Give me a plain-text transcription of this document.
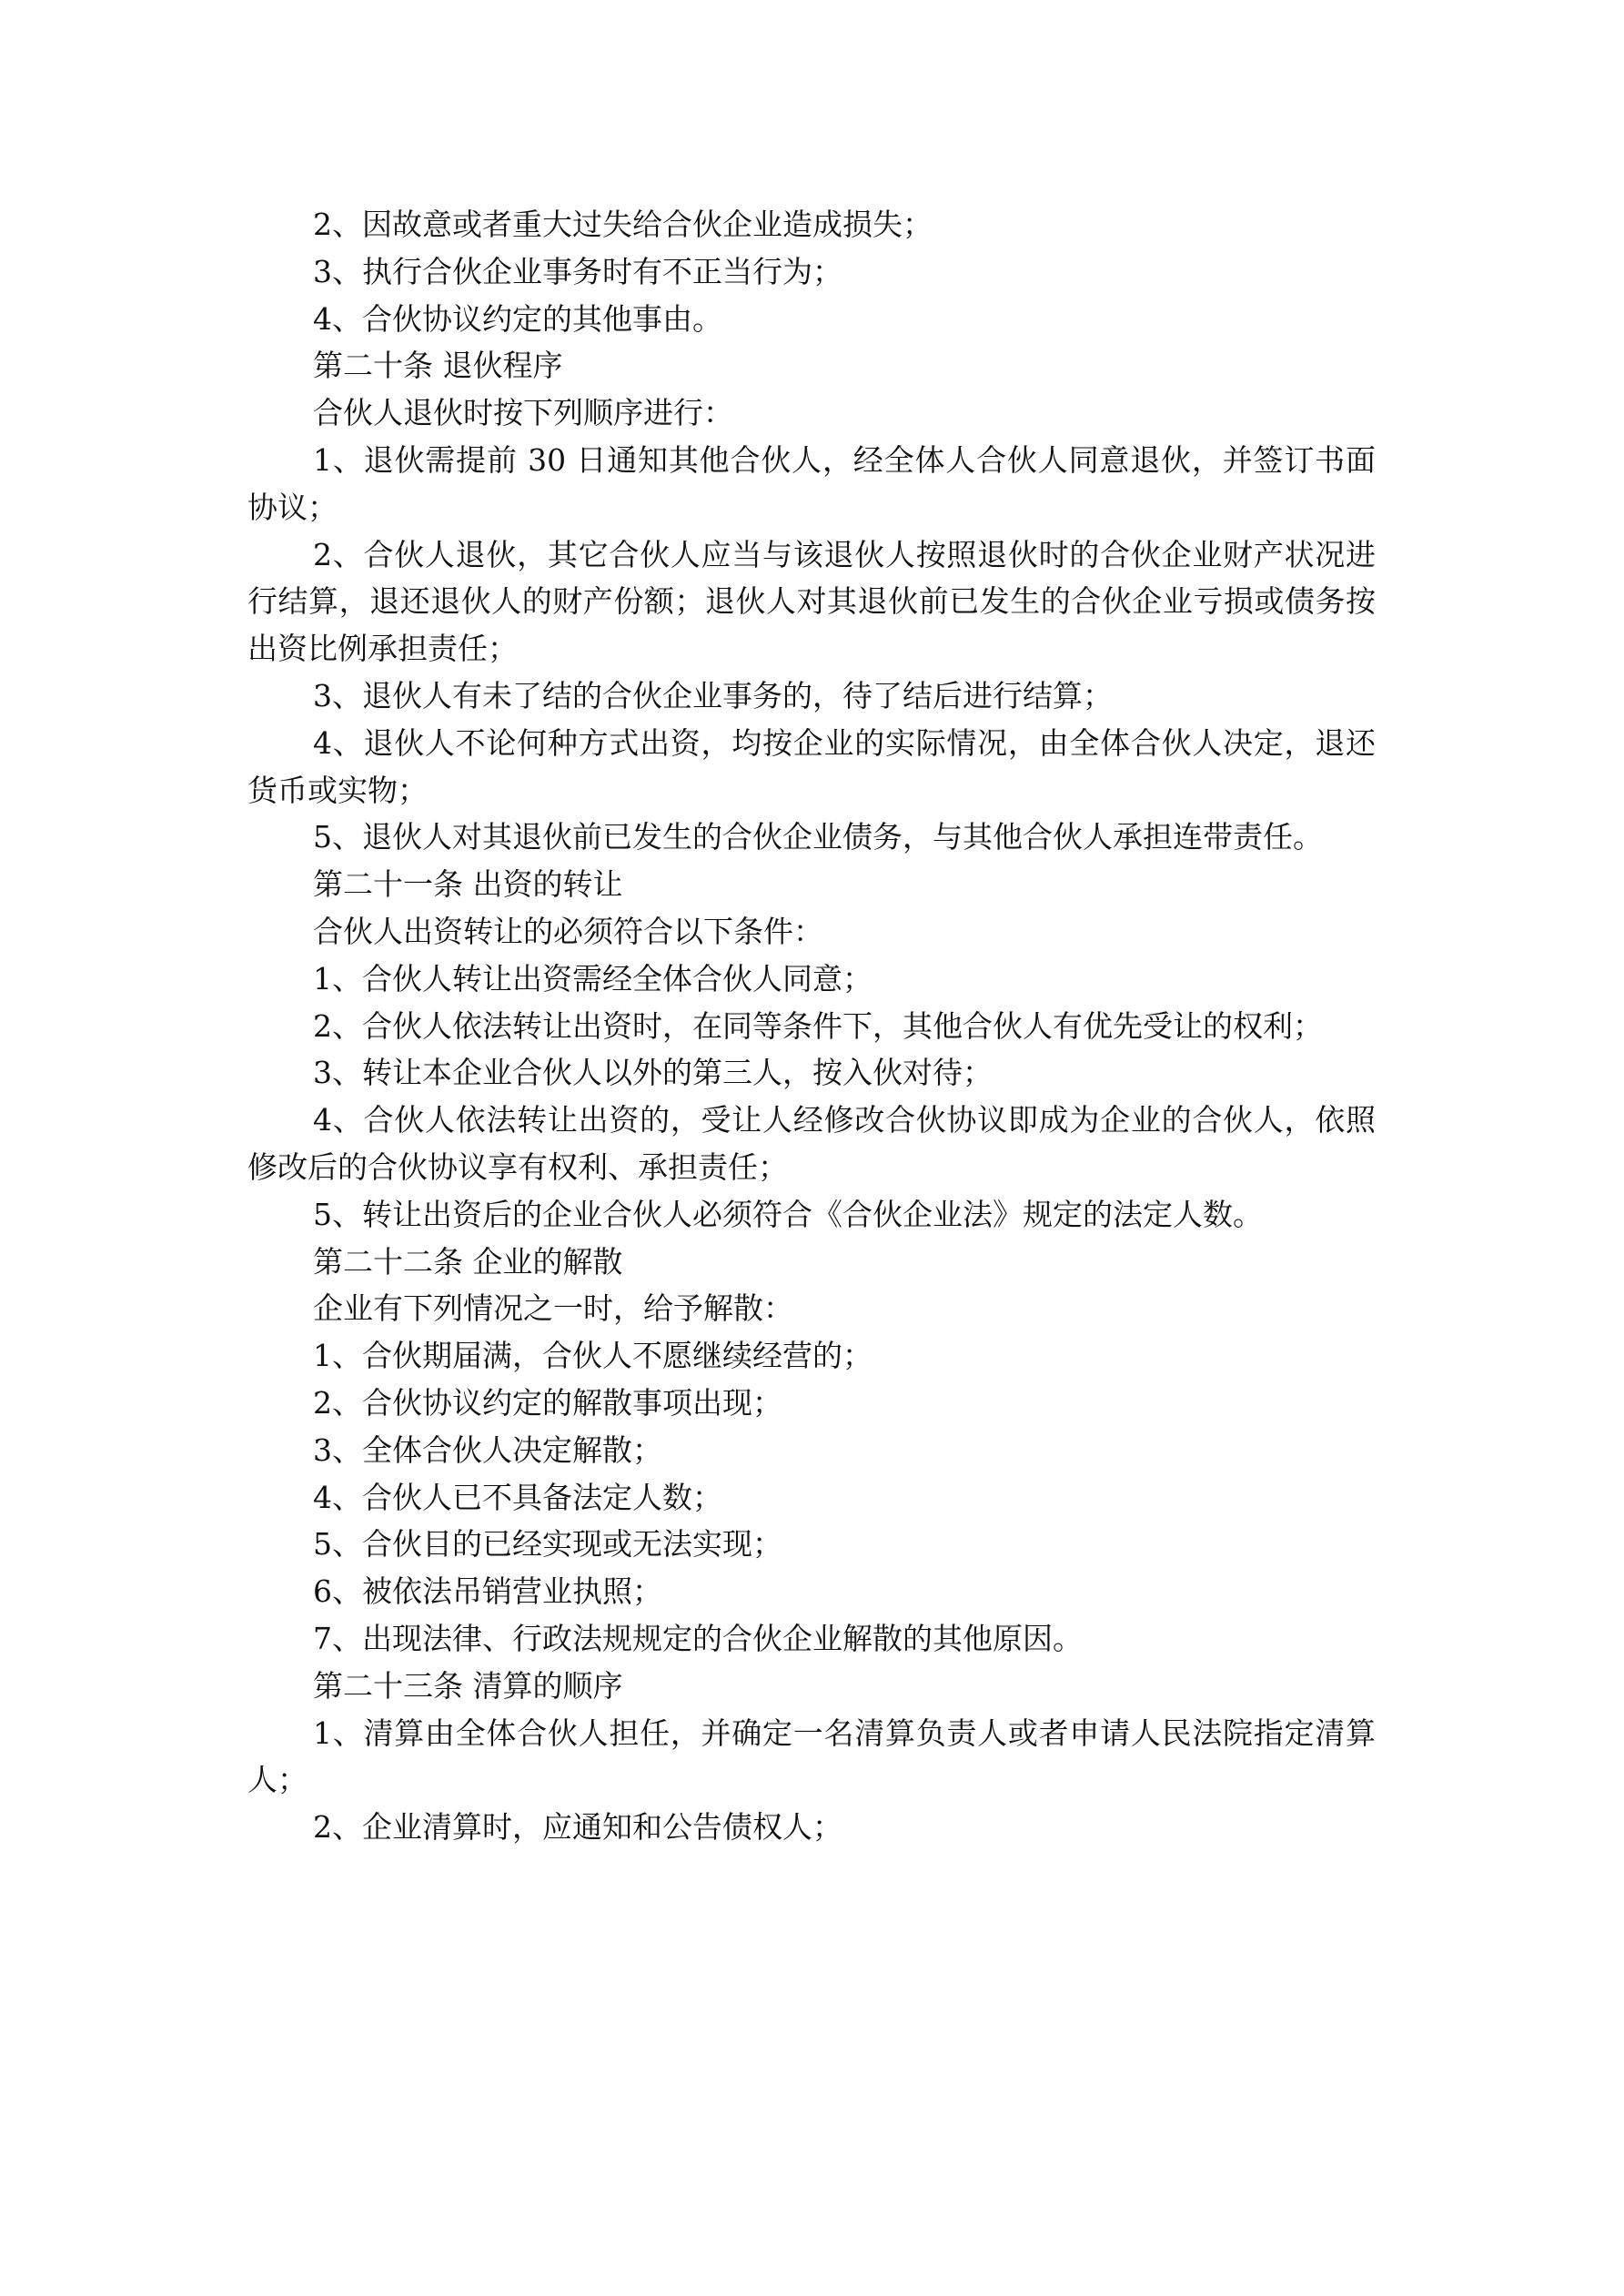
2、因故意或者重大过失给合伙企业造成损失；

3、执行合伙企业事务时有不正当行为；

4、合伙协议约定的其他事由。

第二十条 退伙程序

合伙人退伙时按下列顺序进行：

1、退伙需提前 30 日通知其他合伙人，经全体人合伙人同意退伙，并签订书面协议；

2、合伙人退伙，其它合伙人应当与该退伙人按照退伙时的合伙企业财产状况进行结算，退还退伙人的财产份额；退伙人对其退伙前已发生的合伙企业亏损或债务按出资比例承担责任；

3、退伙人有未了结的合伙企业事务的，待了结后进行结算；

4、退伙人不论何种方式出资，均按企业的实际情况，由全体合伙人决定，退还货币或实物；

5、退伙人对其退伙前已发生的合伙企业债务，与其他合伙人承担连带责任。

第二十一条 出资的转让

合伙人出资转让的必须符合以下条件：

1、合伙人转让出资需经全体合伙人同意；

2、合伙人依法转让出资时，在同等条件下，其他合伙人有优先受让的权利；

3、转让本企业合伙人以外的第三人，按入伙对待；

4、合伙人依法转让出资的，受让人经修改合伙协议即成为企业的合伙人，依照修改后的合伙协议享有权利、承担责任；

5、转让出资后的企业合伙人必须符合《合伙企业法》规定的法定人数。

第二十二条 企业的解散

企业有下列情况之一时，给予解散：

1、合伙期届满，合伙人不愿继续经营的；

2、合伙协议约定的解散事项出现；

3、全体合伙人决定解散；

4、合伙人已不具备法定人数；

5、合伙目的已经实现或无法实现；

6、被依法吊销营业执照；

7、出现法律、行政法规规定的合伙企业解散的其他原因。

第二十三条 清算的顺序

1、清算由全体合伙人担任，并确定一名清算负责人或者申请人民法院指定清算人；

2、企业清算时，应通知和公告债权人；
